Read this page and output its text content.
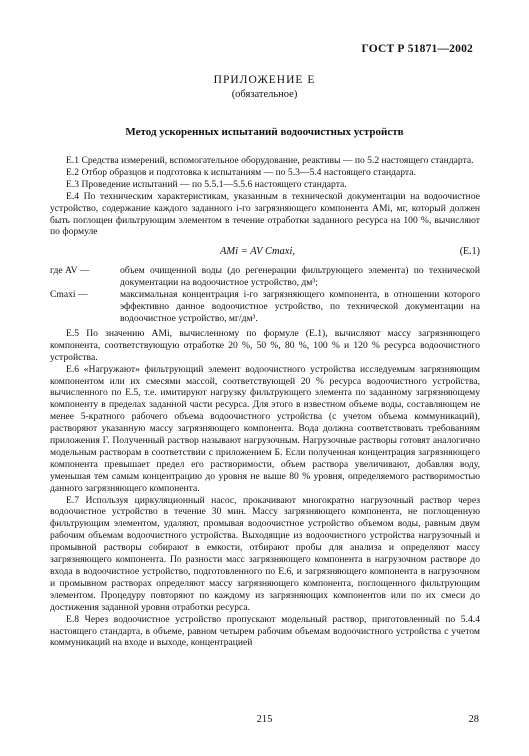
ГОСТ Р 51871—2002
ПРИЛОЖЕНИЕ Е
(обязательное)
Метод ускоренных испытаний водоочистных устройств

Е.1 Средства измерений, вспомогательное оборудование, реактивы — по 5.2 настоящего стандарта.

Е.2 Отбор образцов и подготовка к испытаниям — по 5.3—5.4 настоящего стандарта.

Е.3 Проведение испытаний — по 5.5.1—5.5.6 настоящего стандарта.

Е.4 По техническим характеристикам, указанным в технической документации на водоочистное устройство, содержание каждого заданного i-го загрязняющего компонента AMi, мг, который должен быть поглощен фильтрующим элементом в течение отработки заданного ресурса на 100 %, вычисляют по формуле

AMi = AV Cmaxi,	(Е.1)
где AV —	объем очищенной воды (до регенерации фильтрующего элемента) по технической документации на водоочистное устройство, дм³;
Cmaxi —	максимальная концентрация i-го загрязняющего компонента, в отношении которого эффективно данное водоочистное устройство, по технической документации на водоочистное устройство, мг/дм³.

Е.5 По значению AMi, вычисленному по формуле (Е.1), вычисляют массу загрязняющего компонента, соответствующую отработке 20 %, 50 %, 80 %, 100 % и 120 % ресурса водоочистного устройства.

Е.6 «Нагружают» фильтрующий элемент водоочистного устройства исследуемым загрязняющим компонентом или их смесями массой, соответствующей 20 % ресурса водоочистного устройства, вычисленного по Е.5, т.е. имитируют нагрузку фильтрующего элемента по заданному загрязняющему компоненту в пределах заданной части ресурса. Для этого в известном объеме воды, составляющем не менее 5-кратного рабочего объема водоочистного устройства (с учетом объема коммуникаций), растворяют указанную массу загрязняющего компонента. Вода должна соответствовать требованиям приложения Г. Полученный раствор называют нагрузочным. Нагрузочные растворы готовят аналогично модельным растворам в соответствии с приложением Б. Если полученная концентрация загрязняющего компонента превышает предел его растворимости, объем раствора увеличивают, добавляя воду, уменьшая тем самым концентрацию до уровня не выше 80 % уровня, определяемого растворимостью данного загрязняющего компонента.

Е.7 Используя циркуляционный насос, прокачивают многократно нагрузочный раствор через водоочистное устройство в течение 30 мин. Массу загрязняющего компонента, не поглощенную фильтрующим элементом, удаляют, промывая водоочистное устройство объемом воды, равным двум рабочим объемам водоочистного устройства. Выходящие из водоочистного устройства нагрузочный и промывной растворы собирают в емкости, отбирают пробы для анализа и определяют массу загрязняющего компонента. По разности масс загрязняющего компонента в нагрузочном растворе до входа в водоочистное устройство, подготовленного по Е.6, и загрязняющего компонента в нагрузочном и промывном растворах определяют массу загрязняющего компонента, поглощенного фильтрующим элементом. Процедуру повторяют по каждому из загрязняющих компонентов или по их смеси до достижения заданной уровня отработки ресурса.

Е.8 Через водоочистное устройство пропускают модельный раствор, приготовленный по 5.4.4 настоящего стандарта, в объеме, равном четырем рабочим объемам водоочистного устройства с учетом коммуникаций на входе и выходе, концентрацией

215	28
